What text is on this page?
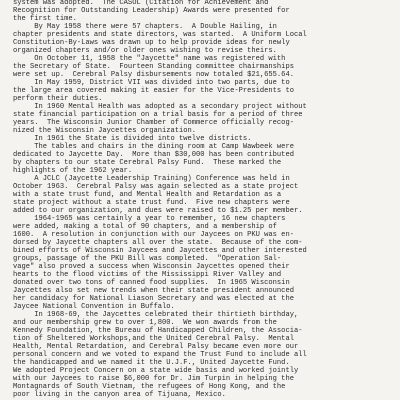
system was adopted.  The CASOL (Citation for Achievement and

Recognition for Outstanding Leadership) Awards were presented for

the first time.

By May 1958 there were 57 chapters.  A Double Hailing, in

chapter presidents and state directors, was started.  A Uniform Local

Constitution-By-Laws was drawn up to help provide ideas for newly

organized chapters and/or older ones wishing to revise theirs.

On October 11, 1958 the "Jaycette" name was registered with

the Secretary of State.  Fourteen Standing committee chairmanships

were set up.  Cerebral Palsy disbursements now totaled $21,655.64.

In May 1959, District VII was divided into two parts, due to

the large area covered making it easier for the Vice-Presidents to

perform their duties.

In 1960 Mental Health was adopted as a secondary project without

state financial participation on a trial basis for a period of three

years.  The Wisconsin Junior Chamber of Commerce officially recog-

nized the Wisconsin Jaycettes organization.

In 1961 the State is divided into twelve districts.

The tables and chairs in the dining room at Camp Wawbeek were

dedicated to Jaycette Day.  More than $30,000 has been contributed

by chapters to our state Cerebral Palsy Fund.  These marked the

highlights of the 1962 year.

A JCLC (Jaycette Leadership Training) Conference was held in

October 1963.  Cerebral Palsy was again selected as a state project

with a state trust fund, and Mental Health and Retardation as a

state project without a state trust fund.  Five new chapters were

added to our organization, and dues were raised to $1.25 per member.

1964-1965 was certainly a year to remember, 16 new chapters

were added, making a total of 90 chapters, and a membership of

1600.  A resolution in conjunction with our Jaycees on PKU was en-

dorsed by Jaycette chapters all over the state.  Because of the com-

bined efforts of Wisconsin Jaycees and Jaycettes and other interested

groups, passage of the PKU Bill was completed.  "Operation Sal-

vage" also proved a success when Wisconsin Jaycettes opened their

hearts to the flood victims of the Mississippi River Valley and

donated over two tons of canned food supplies.  In 1965 Wisconsin

Jaycettes also set new trends when their state president announced

her candidacy for National Liason Secretary and was elected at the

Jaycee National Convention in Buffalo.

In 1968-69, the Jaycettes celebrated their thirtieth birthday,

and our membership grew to over 1,800.  We won awards from the

Kennedy Foundation, the Bureau of Handicapped Children, the Associa-

tion of Sheltered Workshops,and the United Cerebral Palsy.  Mental

Health, Mental Retardation, and Cerebral Palsy became even more our

personal concern and we voted to expand the Trust Fund to include all

the handicapped and we named it the U.J.F., United Jaycette Fund.

We adopted Project Concern on a state wide basis and worked jointly

with our Jaycees to raise $6,000 for Dr. Jim Turpin in helping the

Montagnards of South Vietnam, the refugees of Hong Kong, and the

poor living in the canyon area of Tijuana, Mexico.
